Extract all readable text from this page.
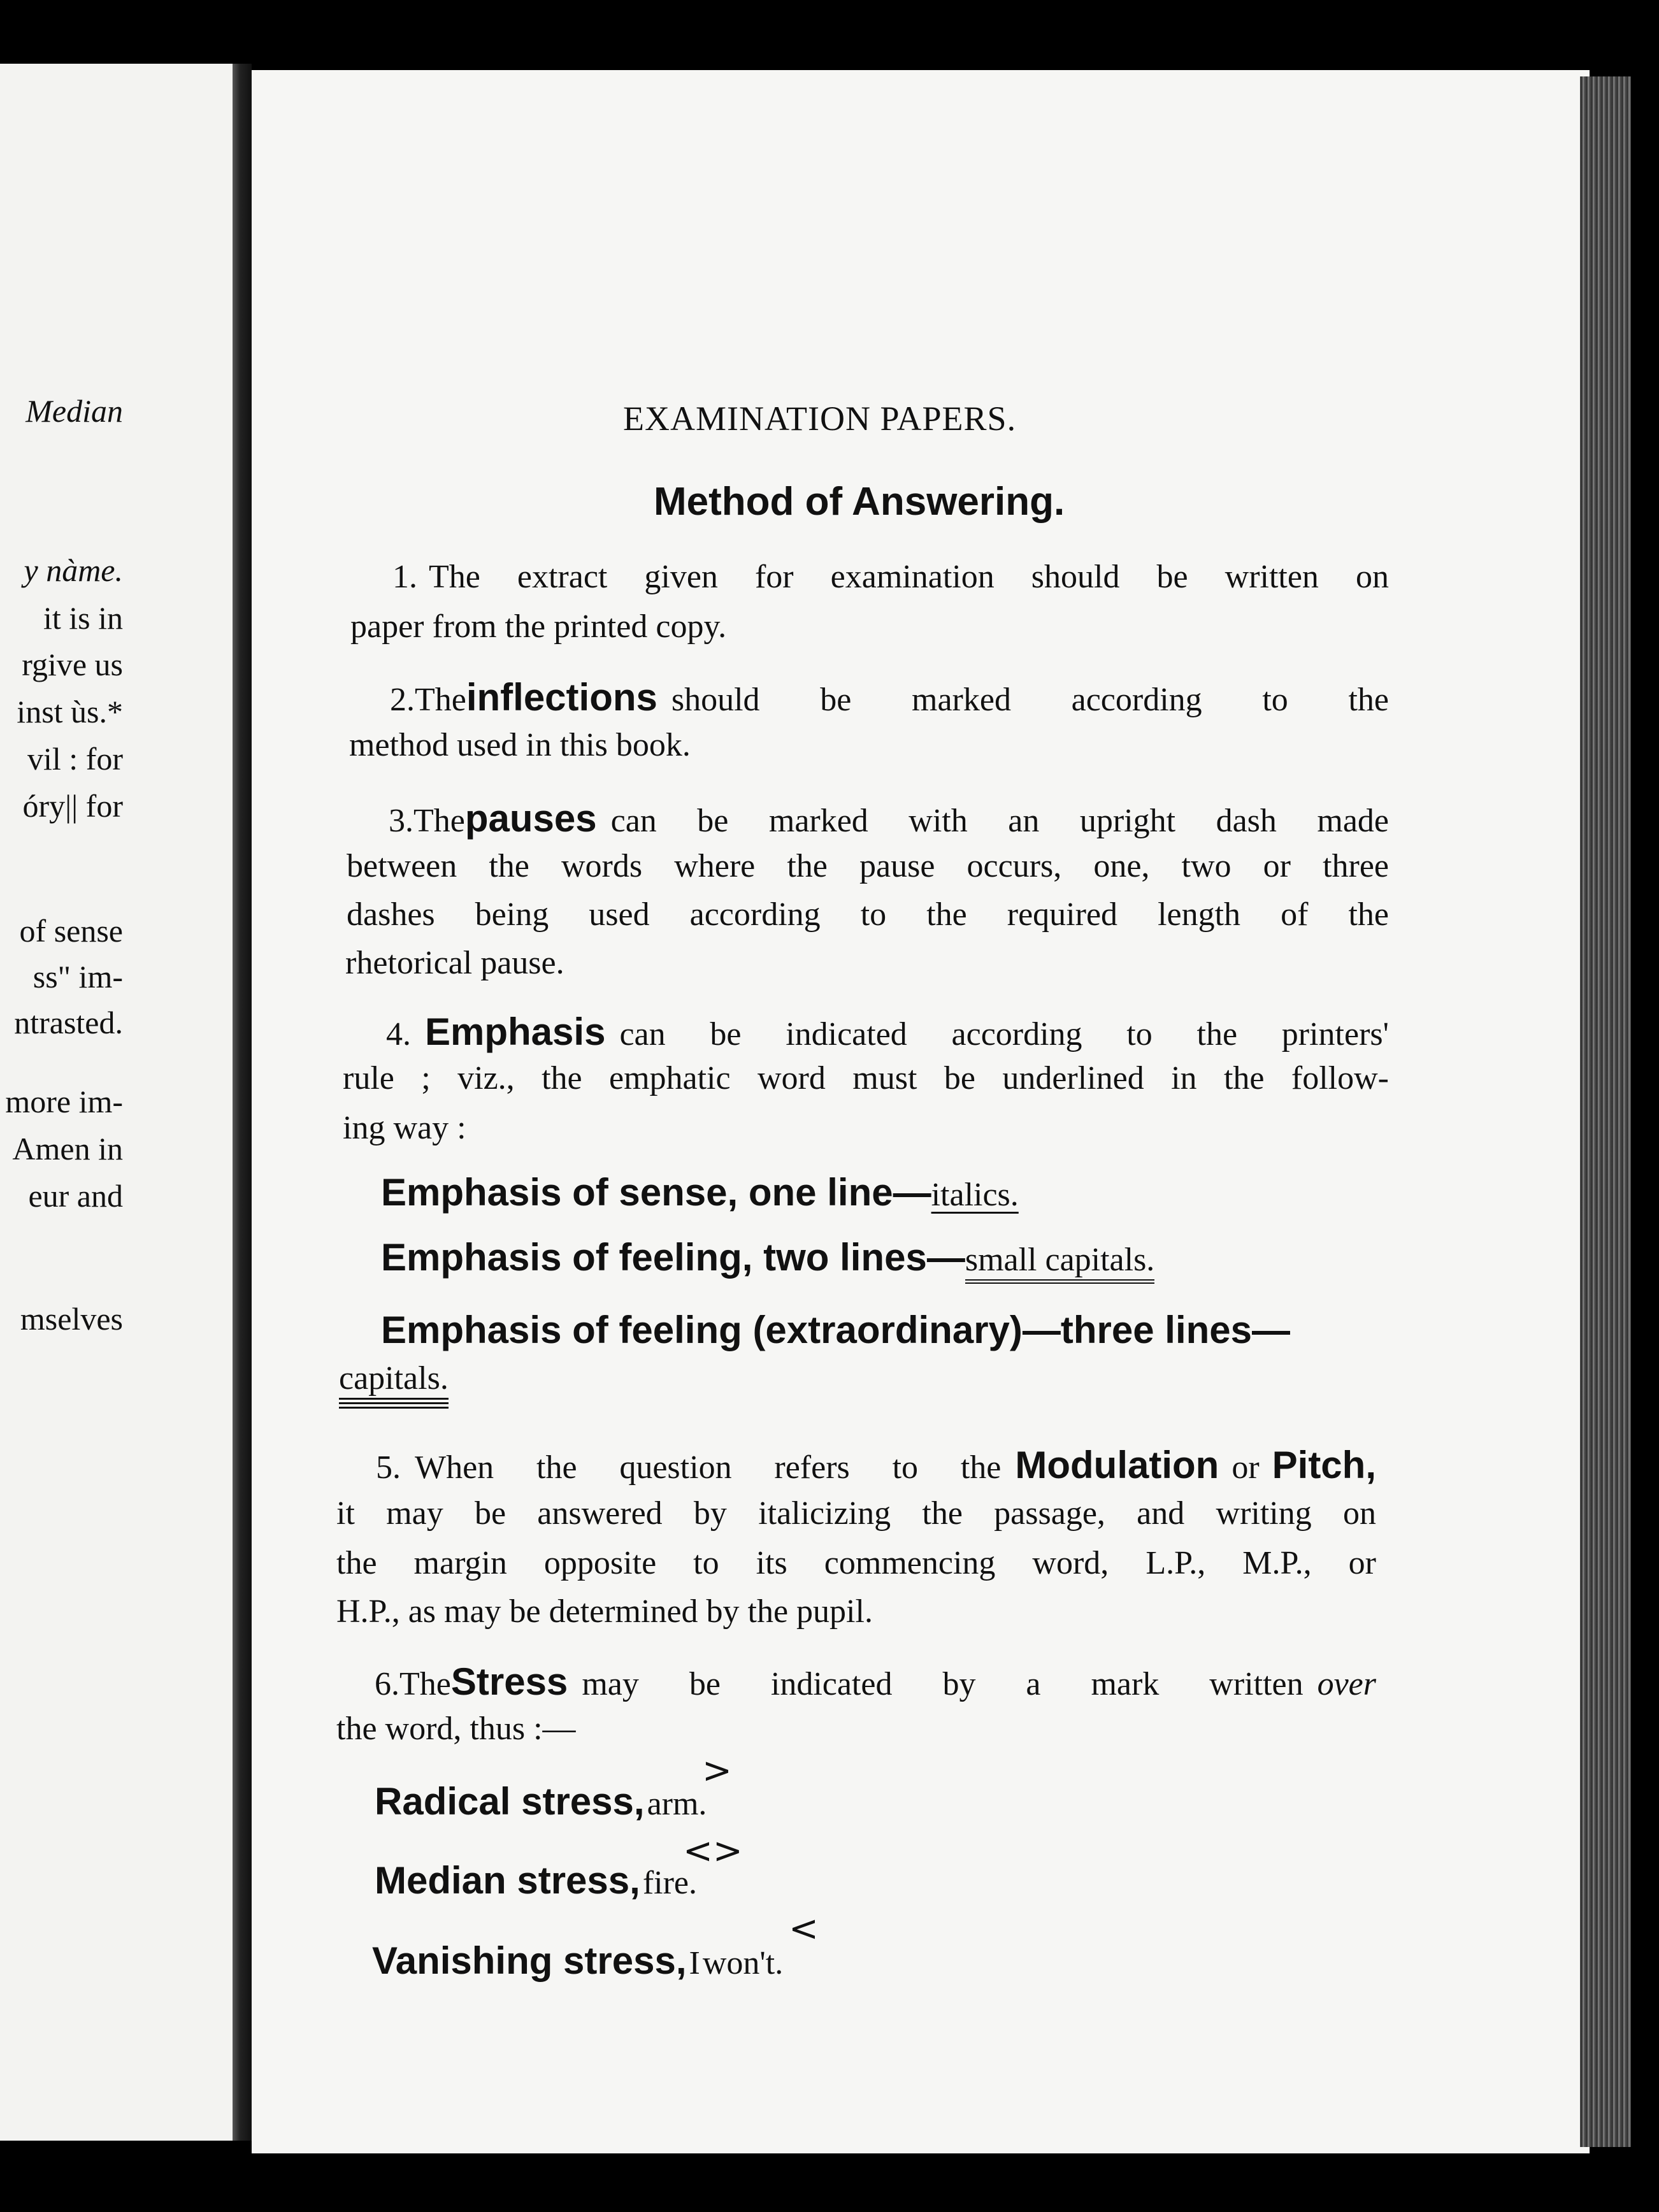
Median
y nàme.
it is in
rgive us
inst ùs.*
vil : for
óry|| for
of sense
ss" im-
ntrasted.
more im-
Amen in
eur and
mselves
EXAMINATION PAPERS.
Method of Answering.
1. The extract given for examination should be written on
paper from the printed copy.
2. The inflections should be marked according to the
method used in this book.
3. The pauses can be marked with an upright dash made
between the words where the pause occurs, one, two or three
dashes being used according to the required length of the
rhetorical pause.
4. Emphasis can be indicated according to the printers'
rule ; viz., the emphatic word must be underlined in the follow-
ing way :
Emphasis of sense, one line—italics.
Emphasis of feeling, two lines—small capitals.
Emphasis of feeling (extraordinary)—three lines—
capitals.
5. When the question refers to the Modulation or Pitch,
it may be answered by italicizing the passage, and writing on
the margin opposite to its commencing word, L.P., M.P., or
H.P., as may be determined by the pupil.
6. The Stress may be indicated by a mark written over
the word, thus :—
>
Radical stress, arm.
<>
Median stress, fire.
<
Vanishing stress, I won't.
